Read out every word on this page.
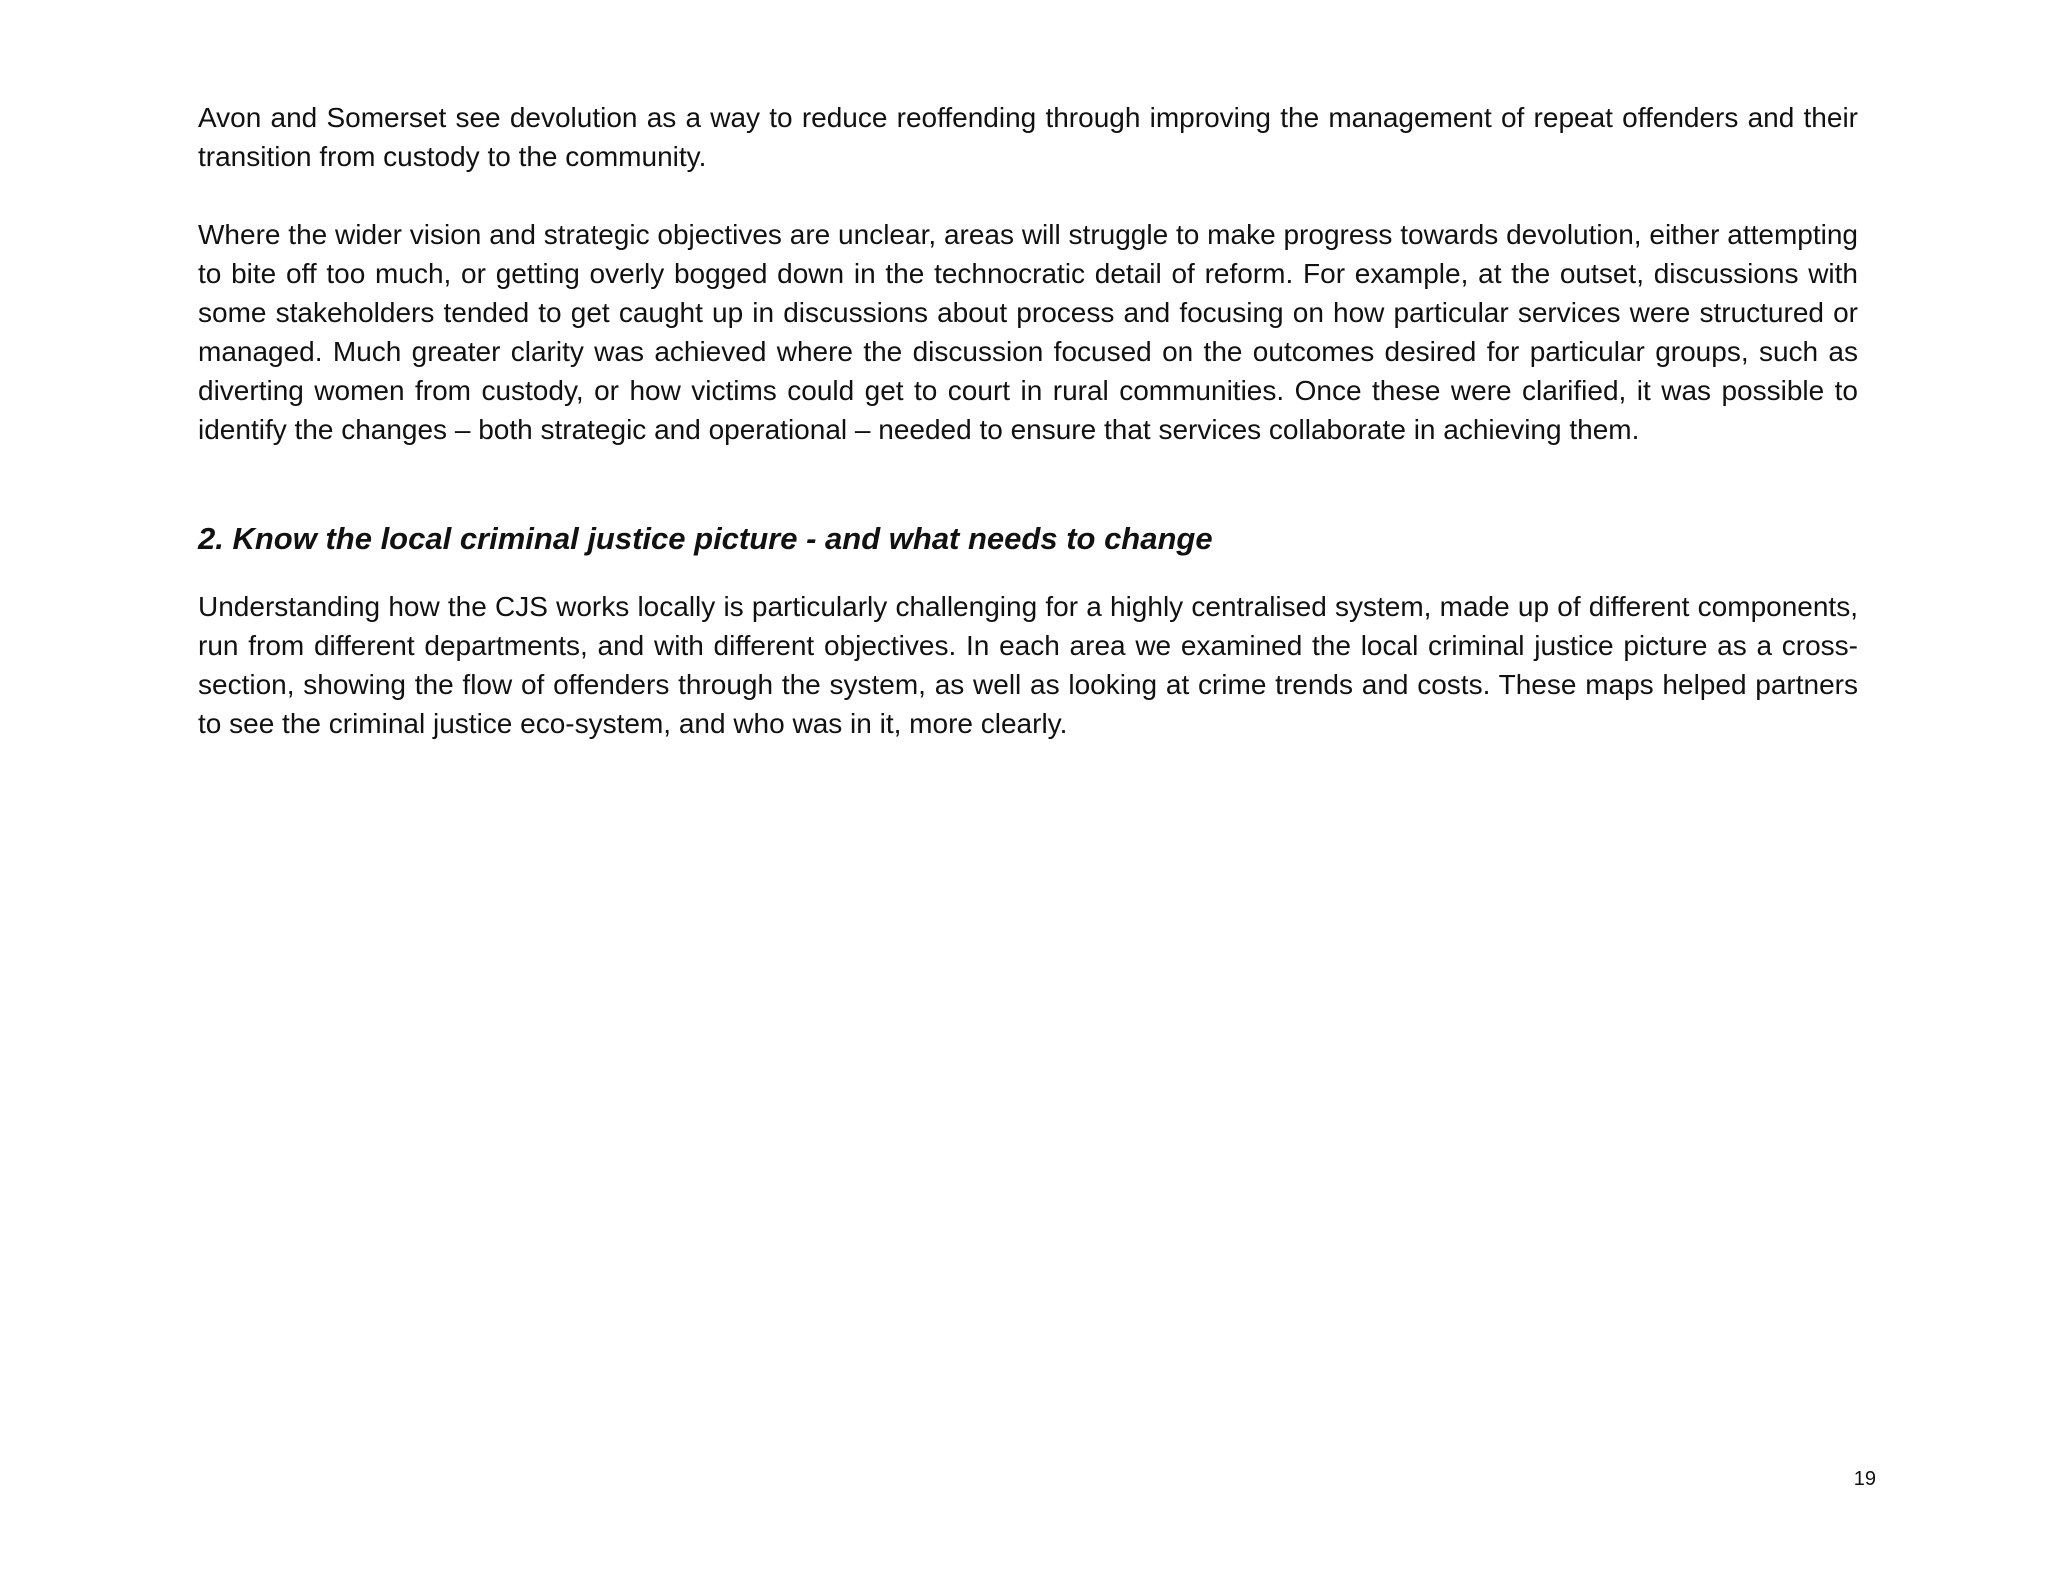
Avon and Somerset see devolution as a way to reduce reoffending through improving the management of repeat offenders and their transition from custody to the community.

Where the wider vision and strategic objectives are unclear, areas will struggle to make progress towards devolution, either attempting to bite off too much, or getting overly bogged down in the technocratic detail of reform. For example, at the outset, discussions with some stakeholders tended to get caught up in discussions about process and focusing on how particular services were structured or managed. Much greater clarity was achieved where the discussion focused on the outcomes desired for particular groups, such as diverting women from custody, or how victims could get to court in rural communities. Once these were clarified, it was possible to identify the changes – both strategic and operational – needed to ensure that services collaborate in achieving them.

2. Know the local criminal justice picture - and what needs to change

Understanding how the CJS works locally is particularly challenging for a highly centralised system, made up of different components, run from different departments, and with different objectives. In each area we examined the local criminal justice picture as a cross-section, showing the flow of offenders through the system, as well as looking at crime trends and costs. These maps helped partners to see the criminal justice eco-system, and who was in it, more clearly.

19
